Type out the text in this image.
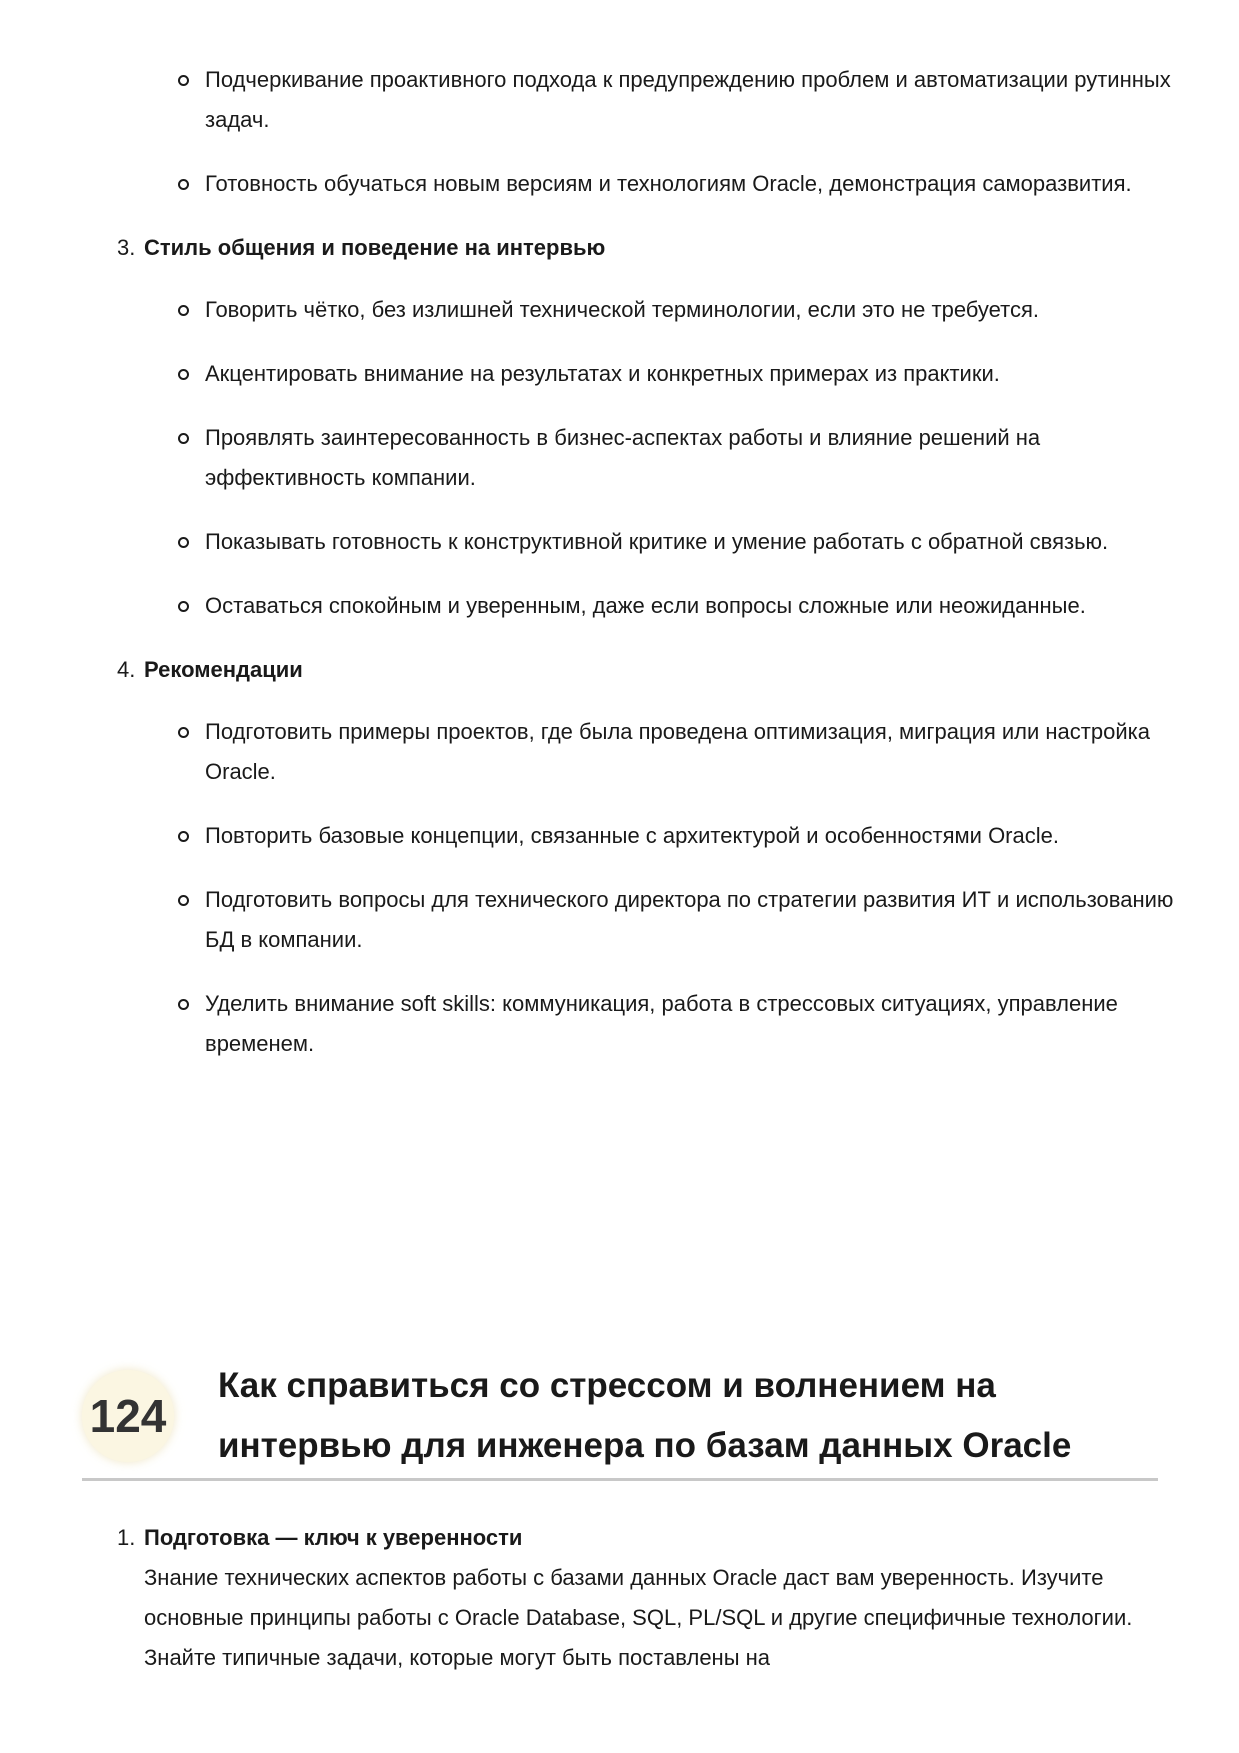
Подчеркивание проактивного подхода к предупреждению проблем и автоматизации рутинных задач.
Готовность обучаться новым версиям и технологиям Oracle, демонстрация саморазвития.
3. Стиль общения и поведение на интервью
Говорить чётко, без излишней технической терминологии, если это не требуется.
Акцентировать внимание на результатах и конкретных примерах из практики.
Проявлять заинтересованность в бизнес-аспектах работы и влияние решений на эффективность компании.
Показывать готовность к конструктивной критике и умение работать с обратной связью.
Оставаться спокойным и уверенным, даже если вопросы сложные или неожиданные.
4. Рекомендации
Подготовить примеры проектов, где была проведена оптимизация, миграция или настройка Oracle.
Повторить базовые концепции, связанные с архитектурой и особенностями Oracle.
Подготовить вопросы для технического директора по стратегии развития ИТ и использованию БД в компании.
Уделить внимание soft skills: коммуникация, работа в стрессовых ситуациях, управление временем.
124
Как справиться со стрессом и волнением на
интервью для инженера по базам данных Oracle
1. Подготовка — ключ к уверенности
Знание технических аспектов работы с базами данных Oracle даст вам уверенность. Изучите основные принципы работы с Oracle Database, SQL, PL/SQL и другие специфичные технологии. Знайте типичные задачи, которые могут быть поставлены на
